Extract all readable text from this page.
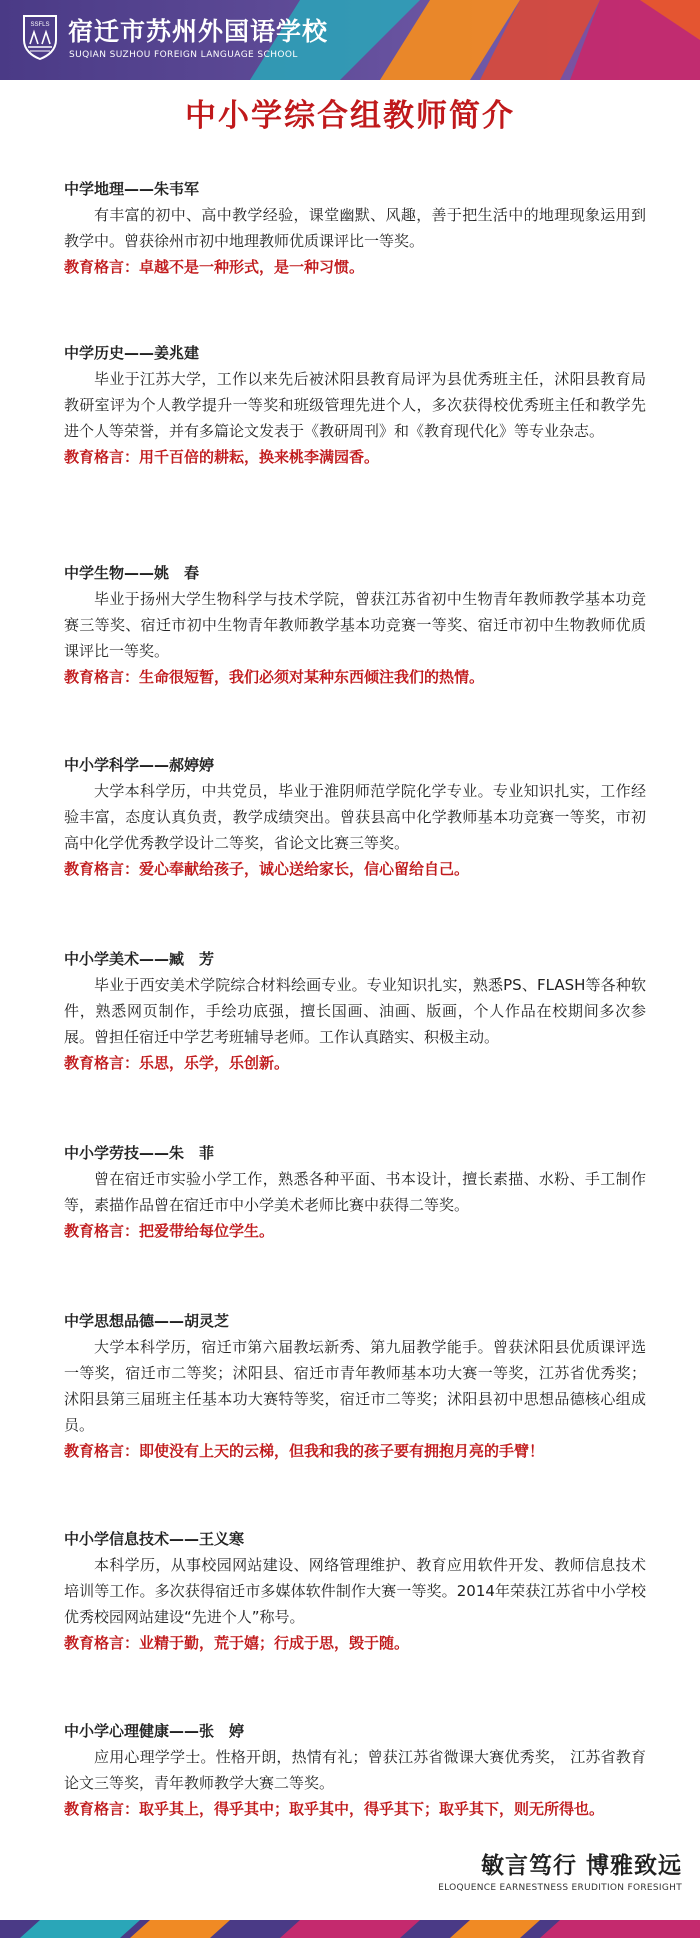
SSFLS 宿迁市苏州外国语学校
SUQIAN SUZHOU FOREIGN LANGUAGE SCHOOL
中小学综合组教师简介
中学地理——朱韦军

有丰富的初中、高中教学经验，课堂幽默、风趣，善于把生活中的地理现象运用到教学中。曾获徐州市初中地理教师优质课评比一等奖。

教育格言：卓越不是一种形式，是一种习惯。
中学历史——姜兆建

毕业于江苏大学，工作以来先后被沭阳县教育局评为县优秀班主任，沭阳县教育局教研室评为个人教学提升一等奖和班级管理先进个人，多次获得校优秀班主任和教学先进个人等荣誉，并有多篇论文发表于《教研周刊》和《教育现代化》等专业杂志。

教育格言：用千百倍的耕耘，换来桃李满园香。
中学生物——姚　春

毕业于扬州大学生物科学与技术学院，曾获江苏省初中生物青年教师教学基本功竞赛三等奖、宿迁市初中生物青年教师教学基本功竞赛一等奖、宿迁市初中生物教师优质课评比一等奖。

教育格言：生命很短暂，我们必须对某种东西倾注我们的热情。
中小学科学——郝婷婷

大学本科学历，中共党员，毕业于淮阴师范学院化学专业。专业知识扎实，工作经验丰富，态度认真负责，教学成绩突出。曾获县高中化学教师基本功竞赛一等奖，市初高中化学优秀教学设计二等奖，省论文比赛三等奖。

教育格言：爱心奉献给孩子，诚心送给家长，信心留给自己。
中小学美术——臧　芳

毕业于西安美术学院综合材料绘画专业。专业知识扎实，熟悉PS、FLASH等各种软件，熟悉网页制作，手绘功底强，擅长国画、油画、版画，个人作品在校期间多次参展。曾担任宿迁中学艺考班辅导老师。工作认真踏实、积极主动。

教育格言：乐思，乐学，乐创新。
中小学劳技——朱　菲

曾在宿迁市实验小学工作，熟悉各种平面、书本设计，擅长素描、水粉、手工制作等，素描作品曾在宿迁市中小学美术老师比赛中获得二等奖。

教育格言：把爱带给每位学生。
中学思想品德——胡灵芝

大学本科学历，宿迁市第六届教坛新秀、第九届教学能手。曾获沭阳县优质课评选一等奖，宿迁市二等奖；沭阳县、宿迁市青年教师基本功大赛一等奖，江苏省优秀奖；沭阳县第三届班主任基本功大赛特等奖，宿迁市二等奖；沭阳县初中思想品德核心组成员。

教育格言：即使没有上天的云梯，但我和我的孩子要有拥抱月亮的手臂！
中小学信息技术——王义寒

本科学历，从事校园网站建设、网络管理维护、教育应用软件开发、教师信息技术培训等工作。多次获得宿迁市多媒体软件制作大赛一等奖。2014年荣获江苏省中小学校优秀校园网站建设“先进个人”称号。

教育格言：业精于勤，荒于嬉；行成于思，毁于随。
中小学心理健康——张　婷

应用心理学学士。性格开朗，热情有礼；曾获江苏省微课大赛优秀奖， 江苏省教育论文三等奖，青年教师教学大赛二等奖。

教育格言：取乎其上，得乎其中；取乎其中，得乎其下；取乎其下，则无所得也。
敏言笃行 博雅致远
ELOQUENCE EARNESTNESS ERUDITION FORESIGHT
